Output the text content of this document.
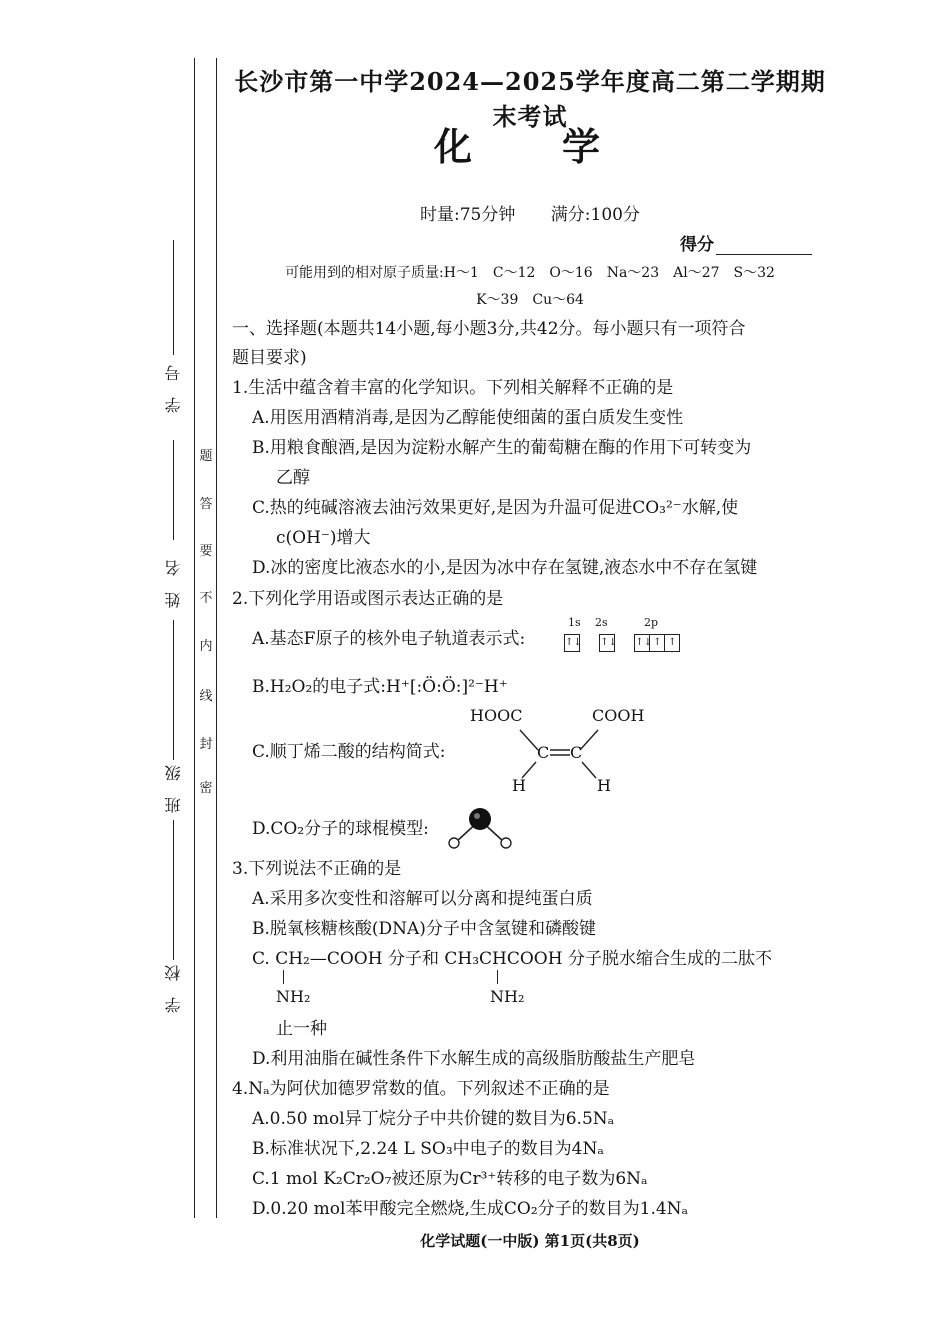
学　号
姓　名
班　级
学　校
密
封
线
内
不
要
答
题
长沙市第一中学2024—2025学年度高二第二学期期末考试
化　学
时量:75分钟 满分:100分
得分
可能用到的相对原子质量:H～1　C～12　O～16　Na～23　Al～27　S～32
K～39　Cu～64
一、选择题(本题共14小题,每小题3分,共42分。每小题只有一项符合
题目要求)
1.生活中蕴含着丰富的化学知识。下列相关解释不正确的是
A.用医用酒精消毒,是因为乙醇能使细菌的蛋白质发生变性
B.用粮食酿酒,是因为淀粉水解产生的葡萄糖在酶的作用下可转变为
乙醇
C.热的纯碱溶液去油污效果更好,是因为升温可促进CO₃²⁻水解,使
c(OH⁻)增大
D.冰的密度比液态水的小,是因为冰中存在氢键,液态水中不存在氢键
2.下列化学用语或图示表达正确的是
A.基态F原子的核外电子轨道表示式:
1s 2s	2p
↑↓ ↑↓ ↑↓↑ ↑
B.H₂O₂的电子式:H⁺[:Ö:Ö:]²⁻H⁺
C.顺丁烯二酸的结构简式:
HOOC	COOH
C C
H	H
D.CO₂分子的球棍模型:
3.下列说法不正确的是
A.采用多次变性和溶解可以分离和提纯蛋白质
B.脱氧核糖核酸(DNA)分子中含氢键和磷酸键
C. CH₂—COOH 分子和 CH₃CHCOOH 分子脱水缩合生成的二肽不
NH₂	NH₂
止一种
D.利用油脂在碱性条件下水解生成的高级脂肪酸盐生产肥皂
4.Nₐ为阿伏加德罗常数的值。下列叙述不正确的是
A.0.50 mol异丁烷分子中共价键的数目为6.5Nₐ
B.标准状况下,2.24 L SO₃中电子的数目为4Nₐ
C.1 mol K₂Cr₂O₇被还原为Cr³⁺转移的电子数为6Nₐ
D.0.20 mol苯甲酸完全燃烧,生成CO₂分子的数目为1.4Nₐ
化学试题(一中版) 第1页(共8页)
